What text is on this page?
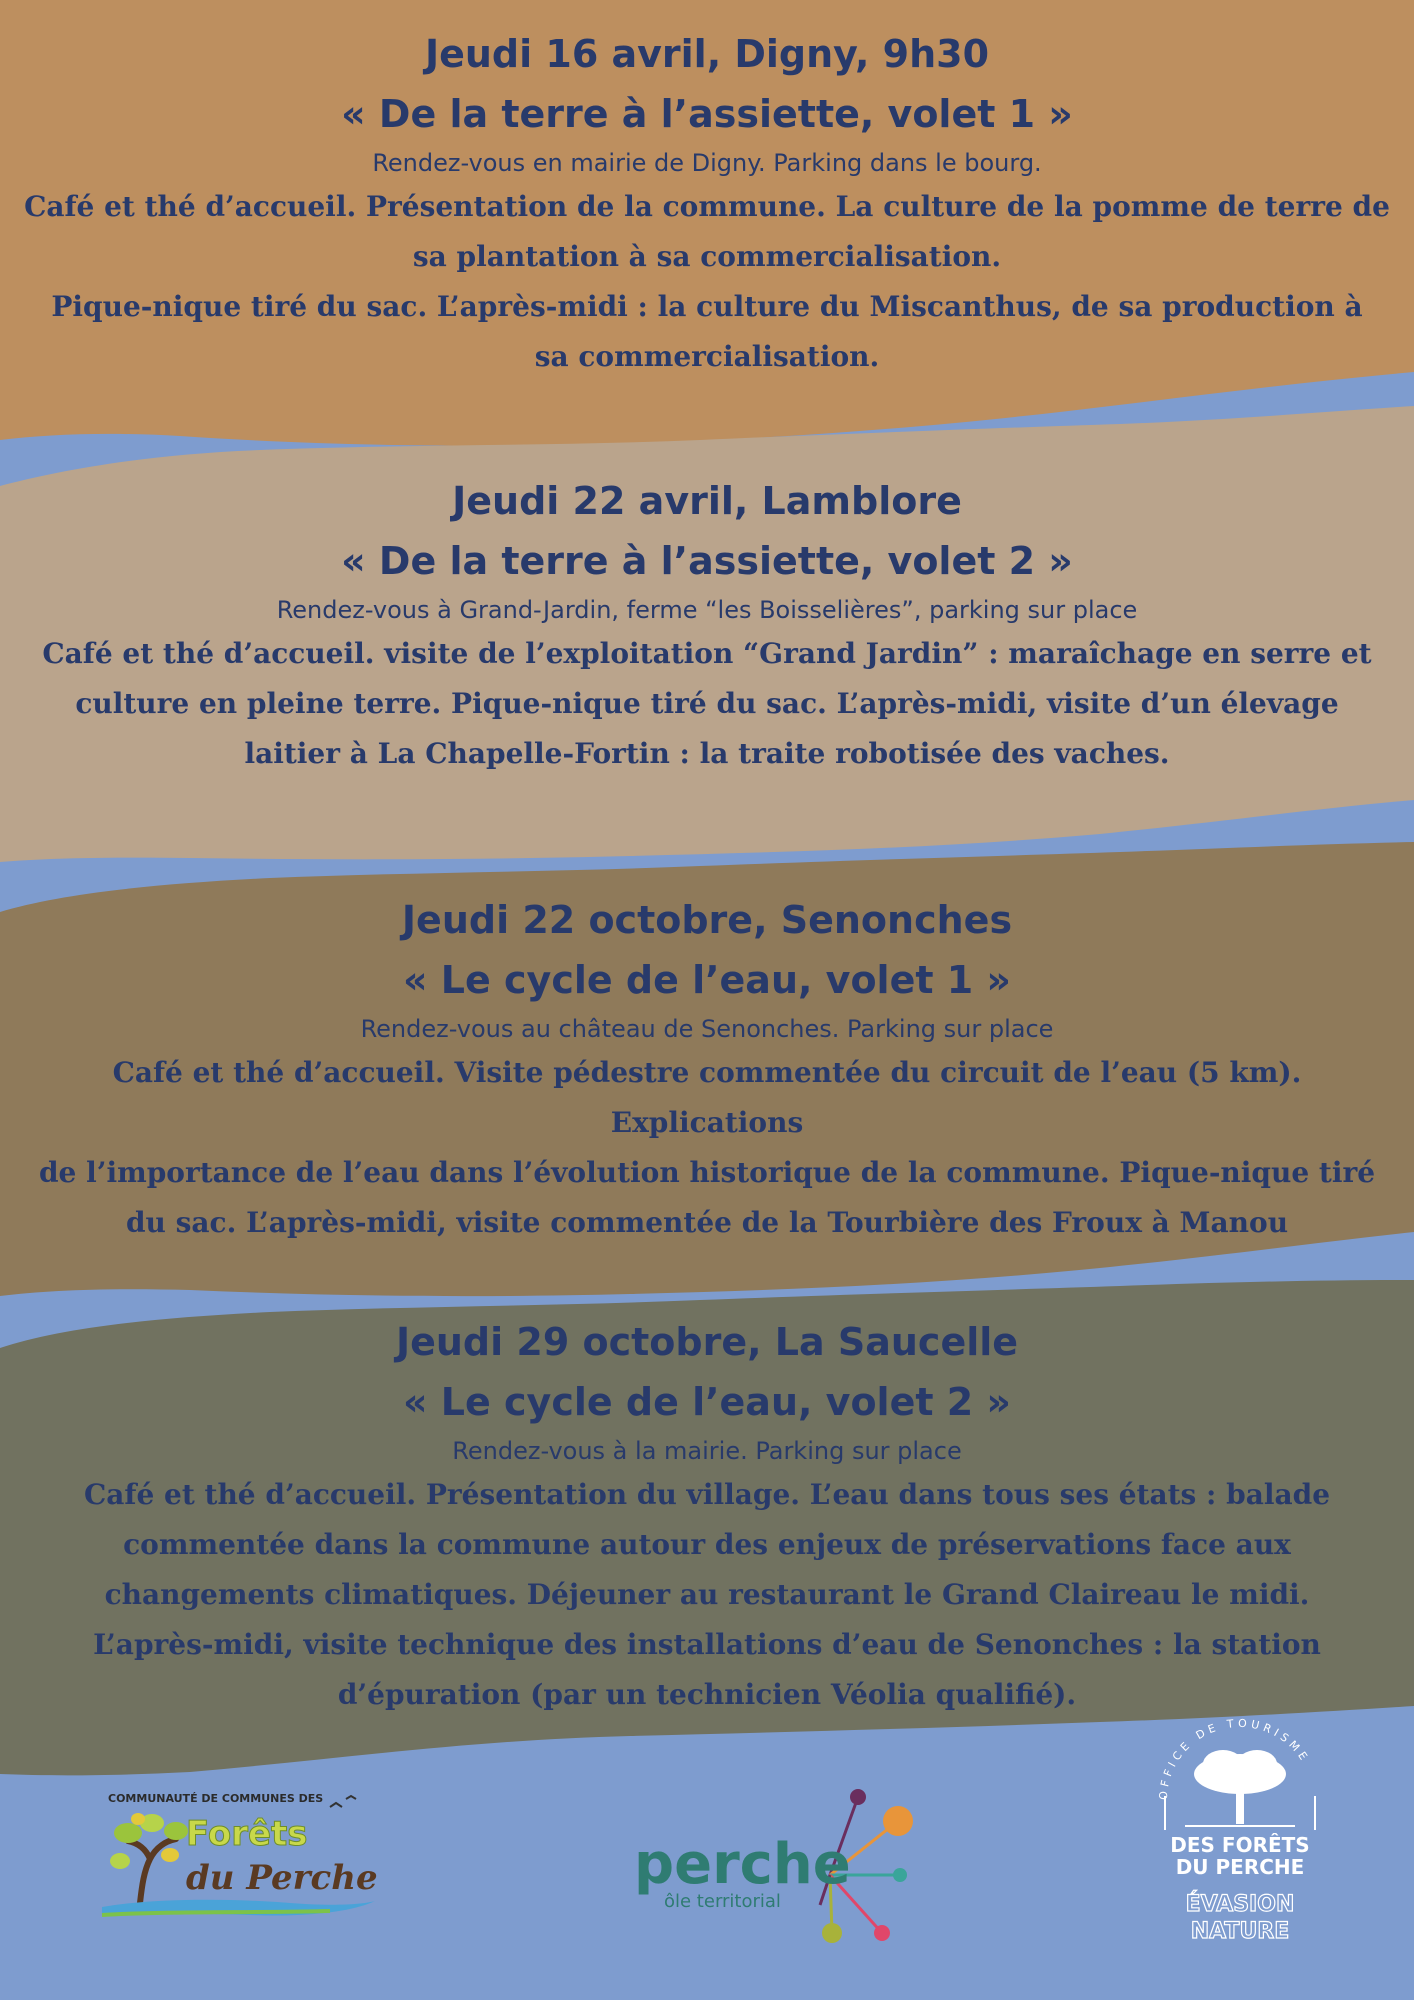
Jeudi 16 avril, Digny, 9h30
« De la terre à l’assiette, volet 1 »
Rendez-vous en mairie de Digny. Parking dans le bourg.
Café et thé d’accueil. Présentation de la commune. La culture de la pomme de terre de
sa plantation à sa commercialisation.
Pique-nique tiré du sac. L’après-midi : la culture du Miscanthus, de sa production à
sa commercialisation.
Jeudi 22 avril, Lamblore
« De la terre à l’assiette, volet 2 »
Rendez-vous à Grand-Jardin, ferme “les Boisselières”, parking sur place
Café et thé d’accueil. visite de l’exploitation “Grand Jardin” : maraîchage en serre et
culture en pleine terre. Pique-nique tiré du sac. L’après-midi, visite d’un élevage
laitier à La Chapelle-Fortin : la traite robotisée des vaches.
Jeudi 22 octobre, Senonches
« Le cycle de l’eau, volet 1 »
Rendez-vous au château de Senonches. Parking sur place
Café et thé d’accueil. Visite pédestre commentée du circuit de l’eau (5 km). Explications
de l’importance de l’eau dans l’évolution historique de la commune. Pique-nique tiré
du sac. L’après-midi, visite commentée de la Tourbière des Froux à Manou
Jeudi 29 octobre, La Saucelle
« Le cycle de l’eau, volet 2 »
Rendez-vous à la mairie. Parking sur place
Café et thé d’accueil. Présentation du village. L’eau dans tous ses états : balade
commentée dans la commune autour des enjeux de préservations face aux
changements climatiques. Déjeuner au restaurant le Grand Claireau le midi.
L’après-midi, visite technique des installations d’eau de Senonches : la station
d’épuration (par un technicien Véolia qualifié).
COMMUNAUTÉ DE COMMUNES DES
Forêts
du Perche	perche
ôle territorial
OFFICE DE TOURISME
DES FORÊTS
DU PERCHE
ÉVASION
NATURE
